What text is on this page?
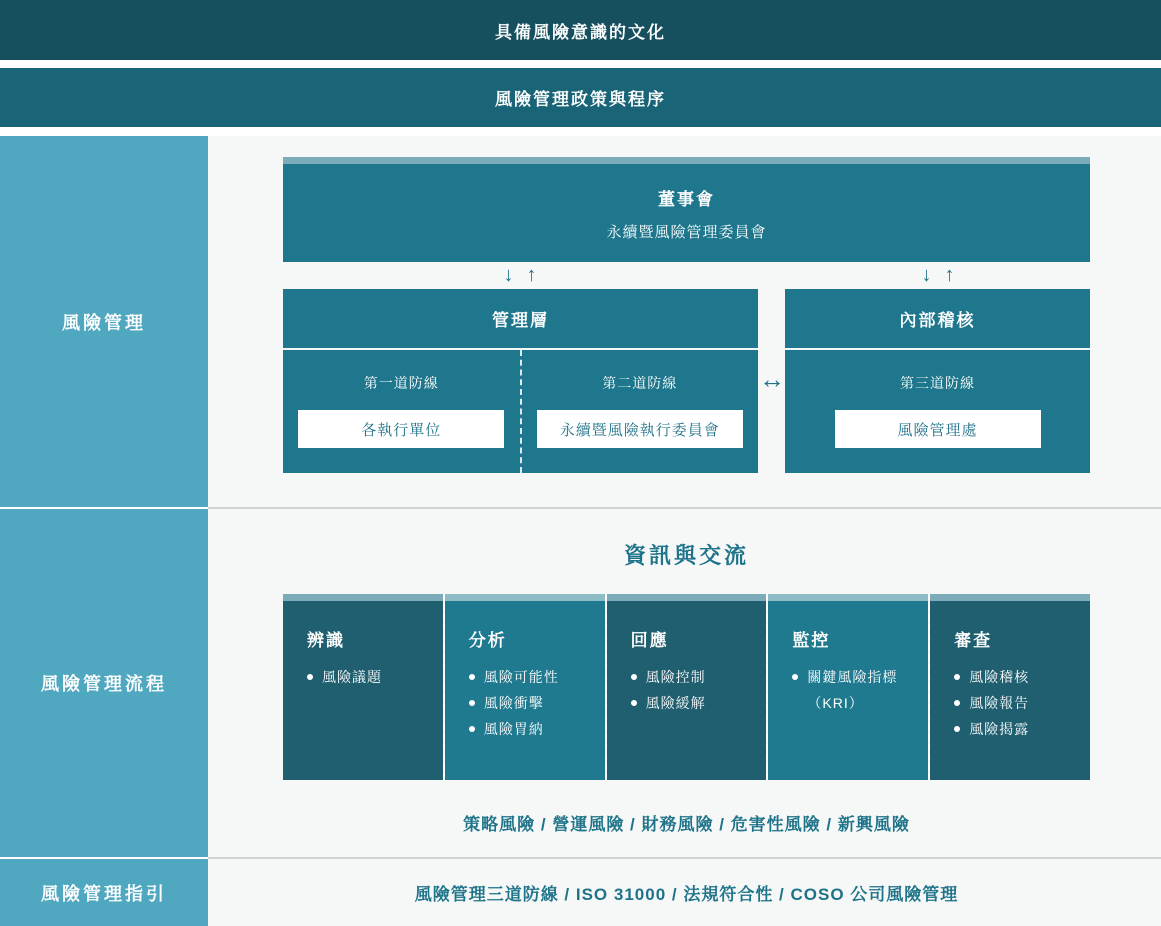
具備風險意識的文化
風險管理政策與程序
風險管理
風險管理流程
風險管理指引
董事會
永續暨風險管理委員會
↓ ↑	↓ ↑
管理層
第一道防線
各執行單位
第二道防線
永續暨風險執行委員會
↔
內部稽核
第三道防線
風險管理處
資訊與交流
辨識
風險議題
分析
風險可能性
風險衝擊
風險胃納
回應
風險控制
風險緩解
監控
關鍵風險指標
（KRI）
審查
風險稽核
風險報告
風險揭露
策略風險 / 營運風險 / 財務風險 / 危害性風險 / 新興風險
風險管理三道防線 / ISO 31000 / 法規符合性 / COSO 公司風險管理
